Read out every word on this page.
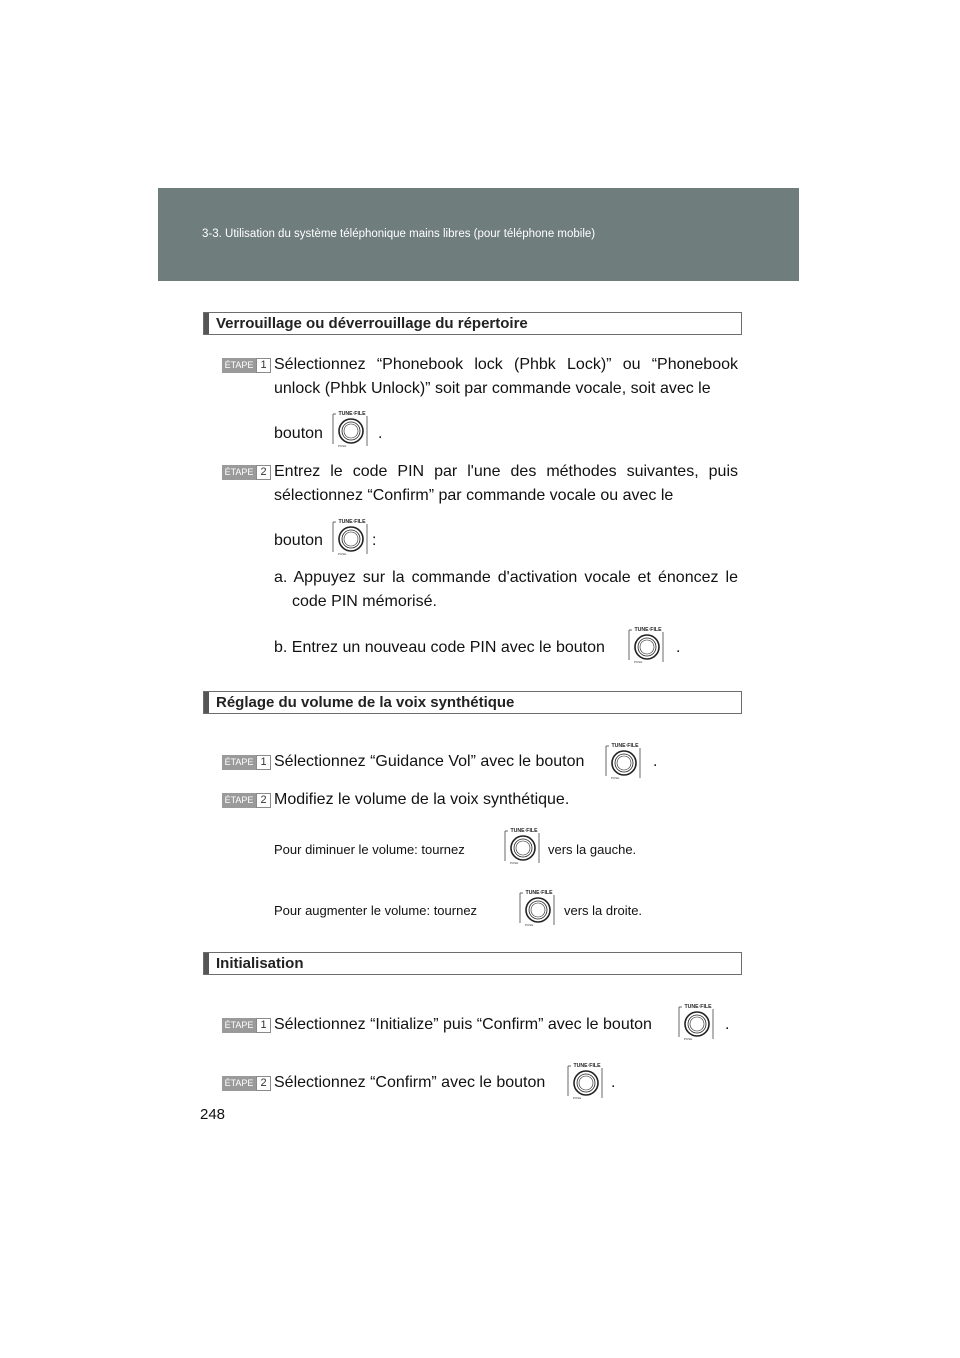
3-3. Utilisation du système téléphonique mains libres (pour téléphone mobile)
Verrouillage ou déverrouillage du répertoire
ÉTAPE 1 Sélectionnez “Phonebook lock (Phbk Lock)” ou “Phonebook unlock (Phbk Unlock)” soit par commande vocale, soit avec le
bouton	.
ÉTAPE 2 Entrez le code PIN par l'une des méthodes suivantes, puis sélectionnez “Confirm” par commande vocale ou avec le
bouton	:
a. Appuyez sur la commande d'activation vocale et énoncez le code PIN mémorisé.
b. Entrez un nouveau code PIN avec le bouton	.
Réglage du volume de la voix synthétique
ÉTAPE 1 Sélectionnez “Guidance Vol” avec le bouton	.
ÉTAPE 2 Modifiez le volume de la voix synthétique.
Pour diminuer le volume: tournez	vers la gauche.
Pour augmenter le volume: tournez	vers la droite.
Initialisation
ÉTAPE 1 Sélectionnez “Initialize” puis “Confirm” avec le bouton	.
ÉTAPE 2 Sélectionnez “Confirm” avec le bouton	.
248
